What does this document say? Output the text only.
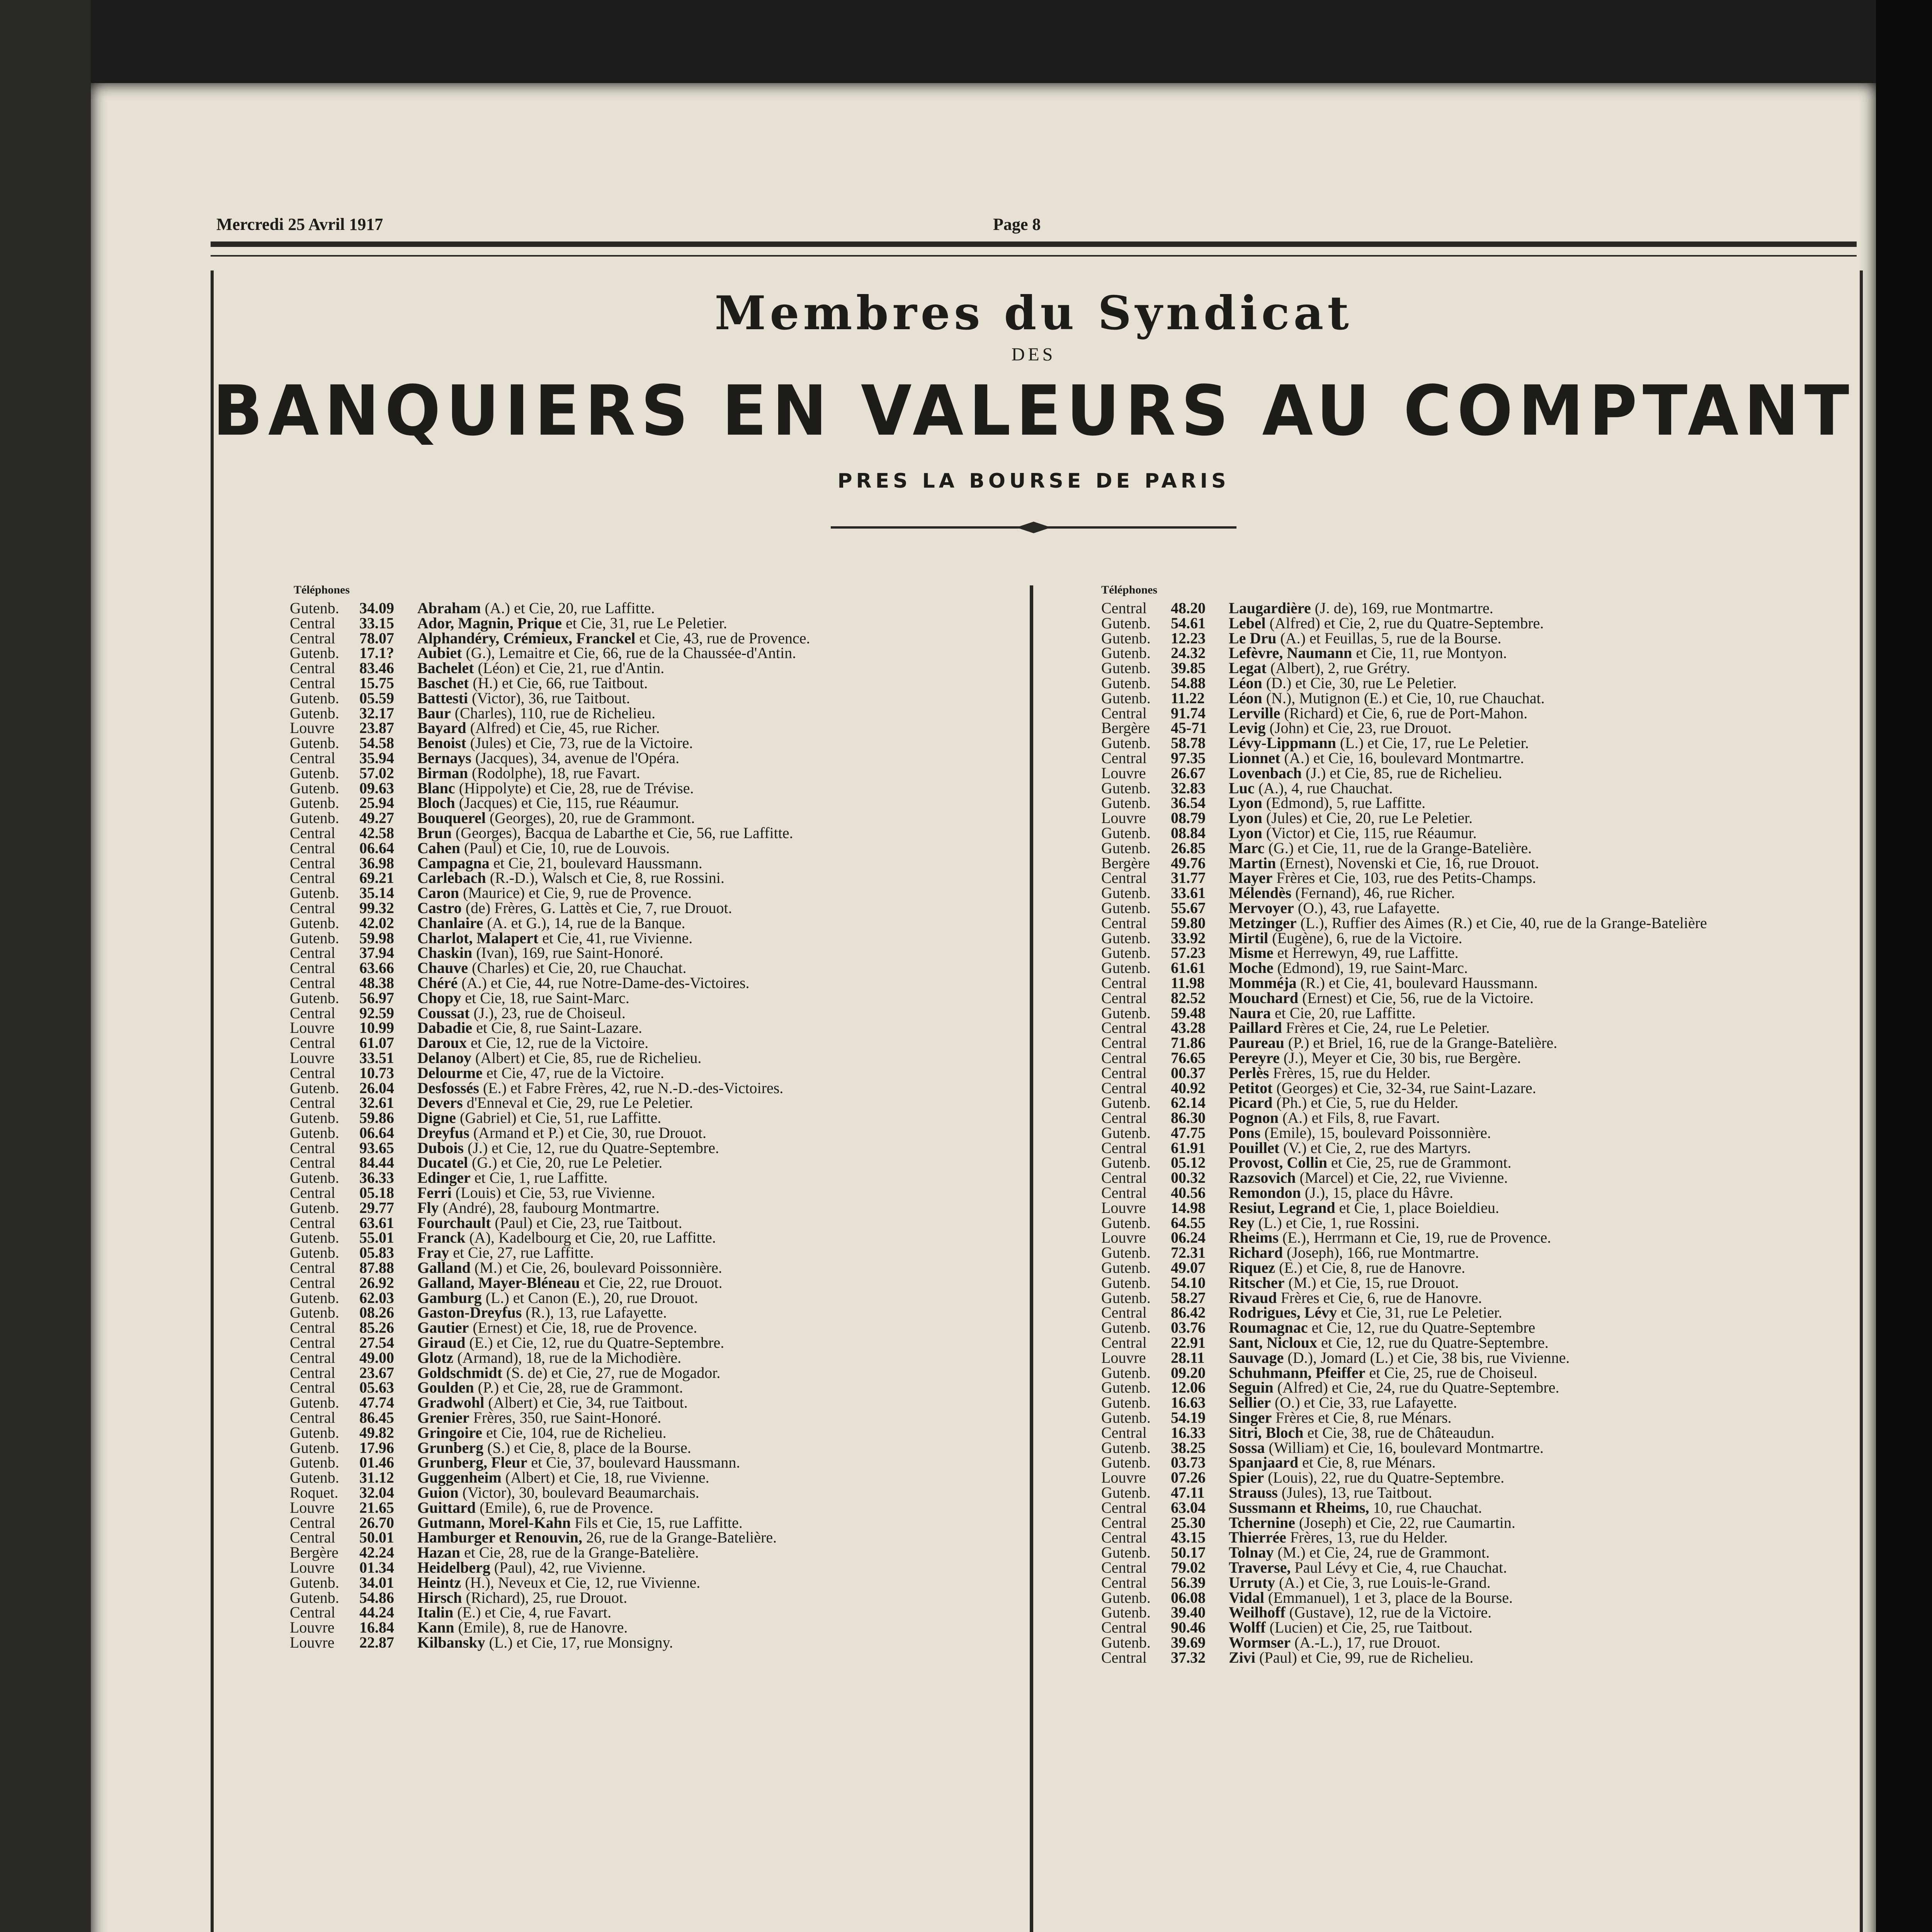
Mercredi 25 Avril 1917	Page 8
Membres du Syndicat
DES
BANQUIERS EN VALEURS AU COMPTANT
PRES LA BOURSE DE PARIS
Téléphones	Téléphones
Gutenb. 34.09 Abraham (A.) et Cie, 20, rue Laffitte.
Central 33.15 Ador, Magnin, Prique et Cie, 31, rue Le Peletier.
Central 78.07 Alphandéry, Crémieux, Franckel et Cie, 43, rue de Provence.
Gutenb. 17.1? Aubiet (G.), Lemaitre et Cie, 66, rue de la Chaussée-d'Antin.
Central 83.46 Bachelet (Léon) et Cie, 21, rue d'Antin.
Central 15.75 Baschet (H.) et Cie, 66, rue Taitbout.
Gutenb. 05.59 Battesti (Victor), 36, rue Taitbout.
Gutenb. 32.17 Baur (Charles), 110, rue de Richelieu.
Louvre 23.87 Bayard (Alfred) et Cie, 45, rue Richer.
Gutenb. 54.58 Benoist (Jules) et Cie, 73, rue de la Victoire.
Central 35.94 Bernays (Jacques), 34, avenue de l'Opéra.
Gutenb. 57.02 Birman (Rodolphe), 18, rue Favart.
Gutenb. 09.63 Blanc (Hippolyte) et Cie, 28, rue de Trévise.
Gutenb. 25.94 Bloch (Jacques) et Cie, 115, rue Réaumur.
Gutenb. 49.27 Bouquerel (Georges), 20, rue de Grammont.
Central 42.58 Brun (Georges), Bacqua de Labarthe et Cie, 56, rue Laffitte.
Central 06.64 Cahen (Paul) et Cie, 10, rue de Louvois.
Central 36.98 Campagna et Cie, 21, boulevard Haussmann.
Central 69.21 Carlebach (R.-D.), Walsch et Cie, 8, rue Rossini.
Gutenb. 35.14 Caron (Maurice) et Cie, 9, rue de Provence.
Central 99.32 Castro (de) Frères, G. Lattès et Cie, 7, rue Drouot.
Gutenb. 42.02 Chanlaire (A. et G.), 14, rue de la Banque.
Gutenb. 59.98 Charlot, Malapert et Cie, 41, rue Vivienne.
Central 37.94 Chaskin (Ivan), 169, rue Saint-Honoré.
Central 63.66 Chauve (Charles) et Cie, 20, rue Chauchat.
Central 48.38 Chéré (A.) et Cie, 44, rue Notre-Dame-des-Victoires.
Gutenb. 56.97 Chopy et Cie, 18, rue Saint-Marc.
Central 92.59 Coussat (J.), 23, rue de Choiseul.
Louvre 10.99 Dabadie et Cie, 8, rue Saint-Lazare.
Central 61.07 Daroux et Cie, 12, rue de la Victoire.
Louvre 33.51 Delanoy (Albert) et Cie, 85, rue de Richelieu.
Central 10.73 Delourme et Cie, 47, rue de la Victoire.
Gutenb. 26.04 Desfossés (E.) et Fabre Frères, 42, rue N.-D.-des-Victoires.
Central 32.61 Devers d'Enneval et Cie, 29, rue Le Peletier.
Gutenb. 59.86 Digne (Gabriel) et Cie, 51, rue Laffitte.
Gutenb. 06.64 Dreyfus (Armand et P.) et Cie, 30, rue Drouot.
Central 93.65 Dubois (J.) et Cie, 12, rue du Quatre-Septembre.
Central 84.44 Ducatel (G.) et Cie, 20, rue Le Peletier.
Gutenb. 36.33 Edinger et Cie, 1, rue Laffitte.
Central 05.18 Ferri (Louis) et Cie, 53, rue Vivienne.
Gutenb. 29.77 Fly (André), 28, faubourg Montmartre.
Central 63.61 Fourchault (Paul) et Cie, 23, rue Taitbout.
Gutenb. 55.01 Franck (A), Kadelbourg et Cie, 20, rue Laffitte.
Gutenb. 05.83 Fray et Cie, 27, rue Laffitte.
Central 87.88 Galland (M.) et Cie, 26, boulevard Poissonnière.
Central 26.92 Galland, Mayer-Bléneau et Cie, 22, rue Drouot.
Gutenb. 62.03 Gamburg (L.) et Canon (E.), 20, rue Drouot.
Gutenb. 08.26 Gaston-Dreyfus (R.), 13, rue Lafayette.
Central 85.26 Gautier (Ernest) et Cie, 18, rue de Provence.
Central 27.54 Giraud (E.) et Cie, 12, rue du Quatre-Septembre.
Central 49.00 Glotz (Armand), 18, rue de la Michodière.
Central 23.67 Goldschmidt (S. de) et Cie, 27, rue de Mogador.
Central 05.63 Goulden (P.) et Cie, 28, rue de Grammont.
Gutenb. 47.74 Gradwohl (Albert) et Cie, 34, rue Taitbout.
Central 86.45 Grenier Frères, 350, rue Saint-Honoré.
Gutenb. 49.82 Gringoire et Cie, 104, rue de Richelieu.
Gutenb. 17.96 Grunberg (S.) et Cie, 8, place de la Bourse.
Gutenb. 01.46 Grunberg, Fleur et Cie, 37, boulevard Haussmann.
Gutenb. 31.12 Guggenheim (Albert) et Cie, 18, rue Vivienne.
Roquet. 32.04 Guion (Victor), 30, boulevard Beaumarchais.
Louvre 21.65 Guittard (Emile), 6, rue de Provence.
Central 26.70 Gutmann, Morel-Kahn Fils et Cie, 15, rue Laffitte.
Central 50.01 Hamburger et Renouvin, 26, rue de la Grange-Batelière.
Bergère 42.24 Hazan et Cie, 28, rue de la Grange-Batelière.
Louvre 01.34 Heidelberg (Paul), 42, rue Vivienne.
Gutenb. 34.01 Heintz (H.), Neveux et Cie, 12, rue Vivienne.
Gutenb. 54.86 Hirsch (Richard), 25, rue Drouot.
Central 44.24 Italin (E.) et Cie, 4, rue Favart.
Louvre 16.84 Kann (Emile), 8, rue de Hanovre.
Louvre 22.87 Kilbansky (L.) et Cie, 17, rue Monsigny.
Central 48.20 Laugardière (J. de), 169, rue Montmartre.
Gutenb. 54.61 Lebel (Alfred) et Cie, 2, rue du Quatre-Septembre.
Gutenb. 12.23 Le Dru (A.) et Feuillas, 5, rue de la Bourse.
Gutenb. 24.32 Lefèvre, Naumann et Cie, 11, rue Montyon.
Gutenb. 39.85 Legat (Albert), 2, rue Grétry.
Gutenb. 54.88 Léon (D.) et Cie, 30, rue Le Peletier.
Gutenb. 11.22 Léon (N.), Mutignon (E.) et Cie, 10, rue Chauchat.
Central 91.74 Lerville (Richard) et Cie, 6, rue de Port-Mahon.
Bergère 45-71 Levig (John) et Cie, 23, rue Drouot.
Gutenb. 58.78 Lévy-Lippmann (L.) et Cie, 17, rue Le Peletier.
Central 97.35 Lionnet (A.) et Cie, 16, boulevard Montmartre.
Louvre 26.67 Lovenbach (J.) et Cie, 85, rue de Richelieu.
Gutenb. 32.83 Luc (A.), 4, rue Chauchat.
Gutenb. 36.54 Lyon (Edmond), 5, rue Laffitte.
Louvre 08.79 Lyon (Jules) et Cie, 20, rue Le Peletier.
Gutenb. 08.84 Lyon (Victor) et Cie, 115, rue Réaumur.
Gutenb. 26.85 Marc (G.) et Cie, 11, rue de la Grange-Batelière.
Bergère 49.76 Martin (Ernest), Novenski et Cie, 16, rue Drouot.
Central 31.77 Mayer Frères et Cie, 103, rue des Petits-Champs.
Gutenb. 33.61 Mélendès (Fernand), 46, rue Richer.
Gutenb. 55.67 Mervoyer (O.), 43, rue Lafayette.
Central 59.80 Metzinger (L.), Ruffier des Aimes (R.) et Cie, 40, rue de la Grange-Batelière
Gutenb. 33.92 Mirtil (Eugène), 6, rue de la Victoire.
Gutenb. 57.23 Misme et Herrewyn, 49, rue Laffitte.
Gutenb. 61.61 Moche (Edmond), 19, rue Saint-Marc.
Central 11.98 Momméja (R.) et Cie, 41, boulevard Haussmann.
Central 82.52 Mouchard (Ernest) et Cie, 56, rue de la Victoire.
Gutenb. 59.48 Naura et Cie, 20, rue Laffitte.
Central 43.28 Paillard Frères et Cie, 24, rue Le Peletier.
Central 71.86 Paureau (P.) et Briel, 16, rue de la Grange-Batelière.
Central 76.65 Pereyre (J.), Meyer et Cie, 30 bis, rue Bergère.
Central 00.37 Perlès Frères, 15, rue du Helder.
Central 40.92 Petitot (Georges) et Cie, 32-34, rue Saint-Lazare.
Gutenb. 62.14 Picard (Ph.) et Cie, 5, rue du Helder.
Central 86.30 Pognon (A.) et Fils, 8, rue Favart.
Gutenb. 47.75 Pons (Emile), 15, boulevard Poissonnière.
Central 61.91 Pouillet (V.) et Cie, 2, rue des Martyrs.
Gutenb. 05.12 Provost, Collin et Cie, 25, rue de Grammont.
Central 00.32 Razsovich (Marcel) et Cie, 22, rue Vivienne.
Central 40.56 Remondon (J.), 15, place du Hâvre.
Louvre 14.98 Resiut, Legrand et Cie, 1, place Boieldieu.
Gutenb. 64.55 Rey (L.) et Cie, 1, rue Rossini.
Louvre 06.24 Rheims (E.), Herrmann et Cie, 19, rue de Provence.
Gutenb. 72.31 Richard (Joseph), 166, rue Montmartre.
Gutenb. 49.07 Riquez (E.) et Cie, 8, rue de Hanovre.
Gutenb. 54.10 Ritscher (M.) et Cie, 15, rue Drouot.
Gutenb. 58.27 Rivaud Frères et Cie, 6, rue de Hanovre.
Central 86.42 Rodrigues, Lévy et Cie, 31, rue Le Peletier.
Gutenb. 03.76 Roumagnac et Cie, 12, rue du Quatre-Septembre
Central 22.91 Sant, Nicloux et Cie, 12, rue du Quatre-Septembre.
Louvre 28.11 Sauvage (D.), Jomard (L.) et Cie, 38 bis, rue Vivienne.
Gutenb. 09.20 Schuhmann, Pfeiffer et Cie, 25, rue de Choiseul.
Gutenb. 12.06 Seguin (Alfred) et Cie, 24, rue du Quatre-Septembre.
Gutenb. 16.63 Sellier (O.) et Cie, 33, rue Lafayette.
Gutenb. 54.19 Singer Frères et Cie, 8, rue Ménars.
Central 16.33 Sitri, Bloch et Cie, 38, rue de Châteaudun.
Gutenb. 38.25 Sossa (William) et Cie, 16, boulevard Montmartre.
Gutenb. 03.73 Spanjaard et Cie, 8, rue Ménars.
Louvre 07.26 Spier (Louis), 22, rue du Quatre-Septembre.
Gutenb. 47.11 Strauss (Jules), 13, rue Taitbout.
Central 63.04 Sussmann et Rheims, 10, rue Chauchat.
Central 25.30 Tchernine (Joseph) et Cie, 22, rue Caumartin.
Central 43.15 Thierrée Frères, 13, rue du Helder.
Gutenb. 50.17 Tolnay (M.) et Cie, 24, rue de Grammont.
Central 79.02 Traverse, Paul Lévy et Cie, 4, rue Chauchat.
Central 56.39 Urruty (A.) et Cie, 3, rue Louis-le-Grand.
Gutenb. 06.08 Vidal (Emmanuel), 1 et 3, place de la Bourse.
Gutenb. 39.40 Weilhoff (Gustave), 12, rue de la Victoire.
Central 90.46 Wolff (Lucien) et Cie, 25, rue Taitbout.
Gutenb. 39.69 Wormser (A.-L.), 17, rue Drouot.
Central 37.32 Zivi (Paul) et Cie, 99, rue de Richelieu.
